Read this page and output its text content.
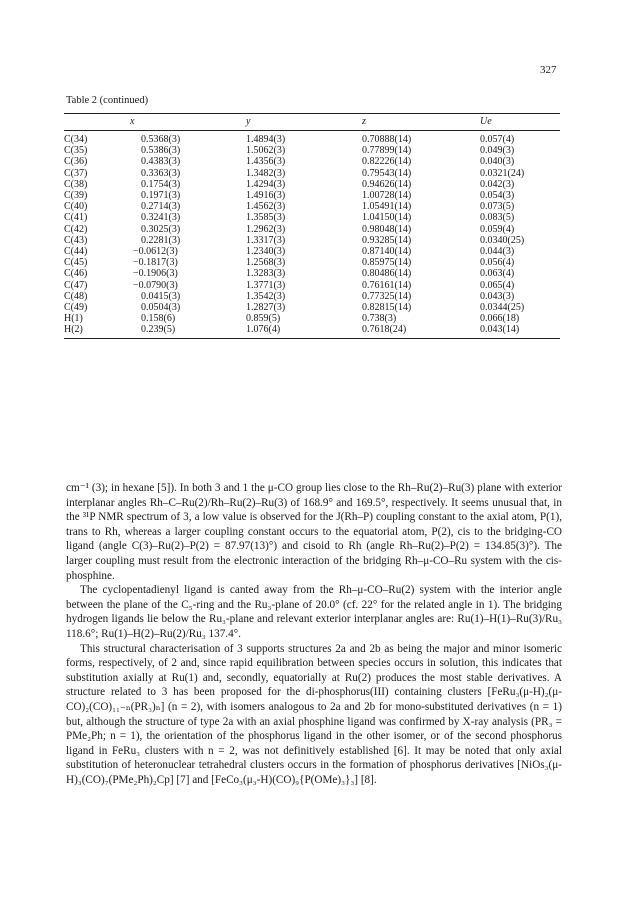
327
Table 2 (continued)
	x	y	z	Ue
C(34)	0.5368(3)	1.4894(3)	0.70888(14)	0.057(4)
C(35)	0.5386(3)	1.5062(3)	0.77899(14)	0.049(3)
C(36)	0.4383(3)	1.4356(3)	0.82226(14)	0.040(3)
C(37)	0.3363(3)	1.3482(3)	0.79543(14)	0.0321(24)
C(38)	0.1754(3)	1.4294(3)	0.94626(14)	0.042(3)
C(39)	0.1971(3)	1.4916(3)	1.00728(14)	0.054(3)
C(40)	0.2714(3)	1.4562(3)	1.05491(14)	0.073(5)
C(41)	0.3241(3)	1.3585(3)	1.04150(14)	0.083(5)
C(42)	0.3025(3)	1.2962(3)	0.98048(14)	0.059(4)
C(43)	0.2281(3)	1.3317(3)	0.93285(14)	0.0340(25)
C(44)	−0.0612(3)	1.2340(3)	0.87140(14)	0.044(3)
C(45)	−0.1817(3)	1.2568(3)	0.85975(14)	0.056(4)
C(46)	−0.1906(3)	1.3283(3)	0.80486(14)	0.063(4)
C(47)	−0.0790(3)	1.3771(3)	0.76161(14)	0.065(4)
C(48)	0.0415(3)	1.3542(3)	0.77325(14)	0.043(3)
C(49)	0.0504(3)	1.2827(3)	0.82815(14)	0.0344(25)
H(1)	0.158(6)	0.859(5)	0.738(3)	0.066(18)
H(2)	0.239(5)	1.076(4)	0.7618(24)	0.043(14)

cm⁻¹ (3); in hexane [5]). In both 3 and 1 the μ-CO group lies close to the Rh–Ru(2)–Ru(3) plane with exterior interplanar angles Rh–C–Ru(2)/Rh–Ru(2)–Ru(3) of 168.9° and 169.5°, respectively. It seems unusual that, in the ³¹P NMR spectrum of 3, a low value is observed for the J(Rh–P) coupling constant to the axial atom, P(1), trans to Rh, whereas a larger coupling constant occurs to the equatorial atom, P(2), cis to the bridging-CO ligand (angle C(3)–Ru(2)–P(2) = 87.97(13)°) and cisoid to Rh (angle Rh–Ru(2)–P(2) = 134.85(3)°). The larger coupling must result from the electronic interaction of the bridging Rh–μ-CO–Ru system with the cis-phosphine.

The cyclopentadienyl ligand is canted away from the Rh–μ-CO–Ru(2) system with the interior angle between the plane of the C₅-ring and the Ru₃-plane of 20.0° (cf. 22° for the related angle in 1). The bridging hydrogen ligands lie below the Ru₃-plane and relevant exterior interplanar angles are: Ru(1)–H(1)–Ru(3)/Ru₃ 118.6°; Ru(1)–H(2)–Ru(2)/Ru₃ 137.4°.

This structural characterisation of 3 supports structures 2a and 2b as being the major and minor isomeric forms, respectively, of 2 and, since rapid equilibration between species occurs in solution, this indicates that substitution axially at Ru(1) and, secondly, equatorially at Ru(2) produces the most stable derivatives. A structure related to 3 has been proposed for the di-phosphorus(III) containing clusters [FeRu₃(μ-H)₂(μ-CO)₂(CO)₁₁₋ₙ(PR₃)ₙ] (n = 2), with isomers analogous to 2a and 2b for mono-substituted derivatives (n = 1) but, although the structure of type 2a with an axial phosphine ligand was confirmed by X-ray analysis (PR₃ = PMe₂Ph; n = 1), the orientation of the phosphorus ligand in the other isomer, or of the second phosphorus ligand in FeRu₃ clusters with n = 2, was not definitively established [6]. It may be noted that only axial substitution of heteronuclear tetrahedral clusters occurs in the formation of phosphorus derivatives [NiOs₃(μ-H)₃(CO)₇(PMe₂Ph)₂Cp] [7] and [FeCo₃(μ₃-H)(CO)₉{P(OMe)₃}₃] [8].
